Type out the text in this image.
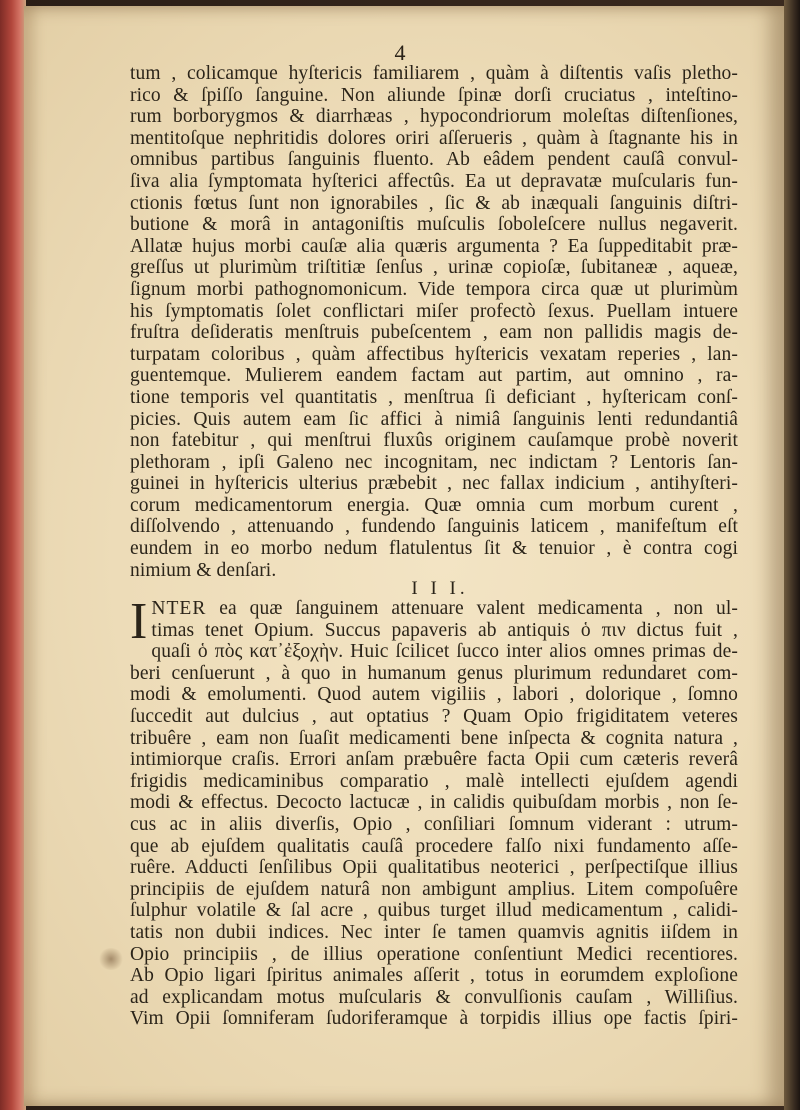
4
tum , colicamque hyſtericis familiarem , quàm à diſtentis vaſis pletho-
rico & ſpiſſo ſanguine. Non aliunde ſpinæ dorſi cruciatus , inteſtino-
rum borborygmos & diarrhæas , hypocondriorum moleſtas diſtenſiones,
mentitoſque nephritidis dolores oriri aſſerueris , quàm à ſtagnante his in
omnibus partibus ſanguinis fluento. Ab eâdem pendent cauſâ convul-
ſiva alia ſymptomata hyſterici affectûs. Ea ut depravatæ muſcularis fun-
ctionis fœtus ſunt non ignorabiles , ſic & ab inæquali ſanguinis diſtri-
butione & morâ in antagoniſtis muſculis ſoboleſcere nullus negaverit.
Allatæ hujus morbi cauſæ alia quæris argumenta ? Ea ſuppeditabit præ-
greſſus ut plurimùm triſtitiæ ſenſus , urinæ copioſæ, ſubitaneæ , aqueæ,
ſignum morbi pathognomonicum. Vide tempora circa quæ ut plurimùm
his ſymptomatis ſolet conflictari miſer profectò ſexus. Puellam intuere
fruſtra deſideratis menſtruis pubeſcentem , eam non pallidis magis de-
turpatam coloribus , quàm affectibus hyſtericis vexatam reperies , lan-
guentemque. Mulierem eandem factam aut partim, aut omnino , ra-
tione temporis vel quantitatis , menſtrua ſi deficiant , hyſtericam conſ-
picies. Quis autem eam ſic affici à nimiâ ſanguinis lenti redundantiâ
non fatebitur , qui menſtrui fluxûs originem cauſamque probè noverit
plethoram , ipſi Galeno nec incognitam, nec indictam ? Lentoris ſan-
guinei in hyſtericis ulterius præbebit , nec fallax indicium , antihyſteri-
corum medicamentorum energia. Quæ omnia cum morbum curent ,
diſſolvendo , attenuando , fundendo ſanguinis laticem , manifeſtum eſt
eundem in eo morbo nedum flatulentus ſit & tenuior , è contra cogi
nimium & denſari.
I I I.
I NTER ea quæ ſanguinem attenuare valent medicamenta , non ul-
timas tenet Opium. Succus papaveris ab antiquis ὁ πιν dictus fuit ,
quaſi ὁ πὸς κατ᾽ἐξοχὴν. Huic ſcilicet ſucco inter alios omnes primas de-
beri cenſuerunt , à quo in humanum genus plurimum redundaret com-
modi & emolumenti. Quod autem vigiliis , labori , dolorique , ſomno
ſuccedit aut dulcius , aut optatius ? Quam Opio frigiditatem veteres
tribuêre , eam non ſuaſit medicamenti bene inſpecta & cognita natura ,
intimiorque craſis. Errori anſam præbuêre facta Opii cum cæteris reverâ
frigidis medicaminibus comparatio , malè intellecti ejuſdem agendi
modi & effectus. Decocto lactucæ , in calidis quibuſdam morbis , non ſe-
cus ac in aliis diverſis, Opio , conſiliari ſomnum viderant : utrum-
que ab ejuſdem qualitatis cauſâ procedere falſo nixi fundamento aſſe-
ruêre. Adducti ſenſilibus Opii qualitatibus neoterici , perſpectiſque illius
principiis de ejuſdem naturâ non ambigunt amplius. Litem compoſuêre
ſulphur volatile & ſal acre , quibus turget illud medicamentum , calidi-
tatis non dubii indices. Nec inter ſe tamen quamvis agnitis iiſdem in
Opio principiis , de illius operatione conſentiunt Medici recentiores.
Ab Opio ligari ſpiritus animales aſſerit , totus in eorumdem exploſione
ad explicandam motus muſcularis & convulſionis cauſam , Williſius.
Vim Opii ſomniferam ſudoriferamque à torpidis illius ope factis ſpiri-
